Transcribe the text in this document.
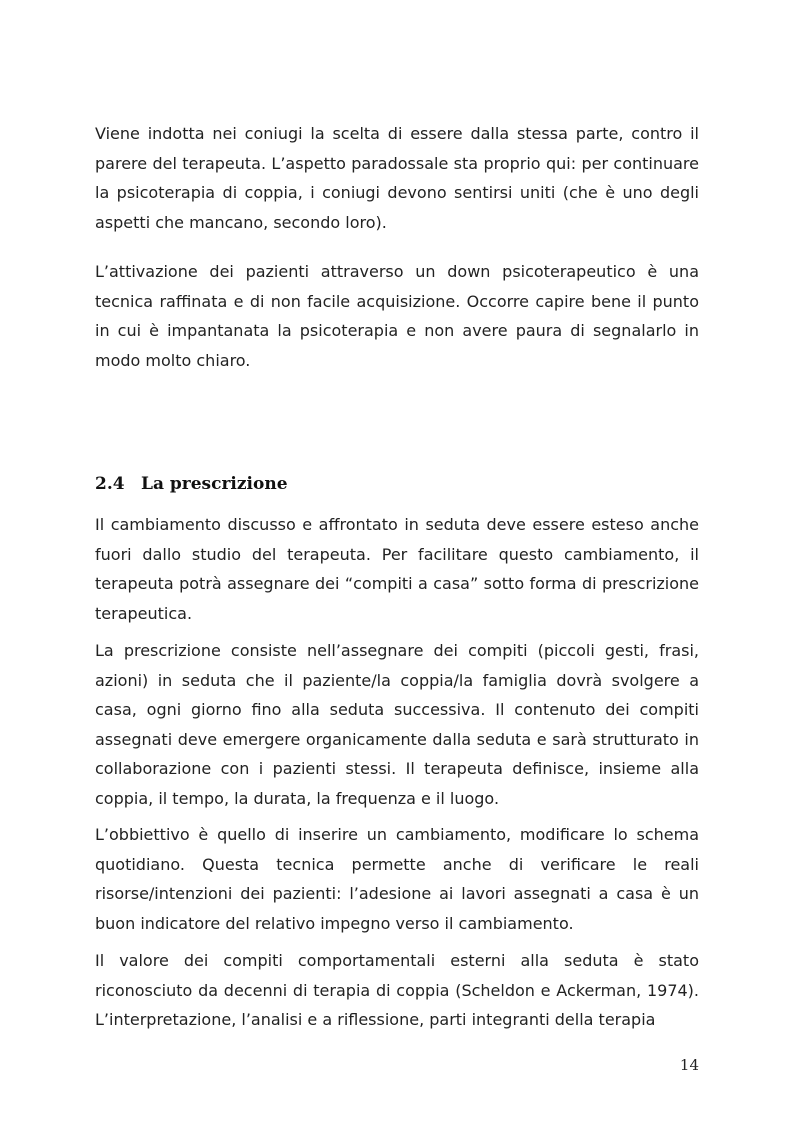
Viene indotta nei coniugi la scelta di essere dalla stessa parte, contro il parere del terapeuta. L’aspetto paradossale sta proprio qui: per continuare la psicoterapia di coppia, i coniugi devono sentirsi uniti (che è uno degli aspetti che mancano, secondo loro).

L’attivazione dei pazienti attraverso un down psicoterapeutico è una tecnica raffinata e di non facile acquisizione. Occorre capire bene il punto in cui è impantanata la psicoterapia e non avere paura di segnalarlo in modo molto chiaro.

2.4 La prescrizione

Il cambiamento discusso e affrontato in seduta deve essere esteso anche fuori dallo studio del terapeuta. Per facilitare questo cambiamento, il terapeuta potrà assegnare dei “compiti a casa” sotto forma di prescrizione terapeutica.

La prescrizione consiste nell’assegnare dei compiti (piccoli gesti, frasi, azioni) in seduta che il paziente/la coppia/la famiglia dovrà svolgere a casa, ogni giorno fino alla seduta successiva. Il contenuto dei compiti assegnati deve emergere organicamente dalla seduta e sarà strutturato in collaborazione con i pazienti stessi. Il terapeuta definisce, insieme alla coppia, il tempo, la durata, la frequenza e il luogo.

L’obbiettivo è quello di inserire un cambiamento, modificare lo schema quotidiano. Questa tecnica permette anche di verificare le reali risorse/intenzioni dei pazienti: l’adesione ai lavori assegnati a casa è un buon indicatore del relativo impegno verso il cambiamento.

Il valore dei compiti comportamentali esterni alla seduta è stato riconosciuto da decenni di terapia di coppia (Scheldon e Ackerman, 1974). L’interpretazione, l’analisi e a riflessione, parti integranti della terapia

14
